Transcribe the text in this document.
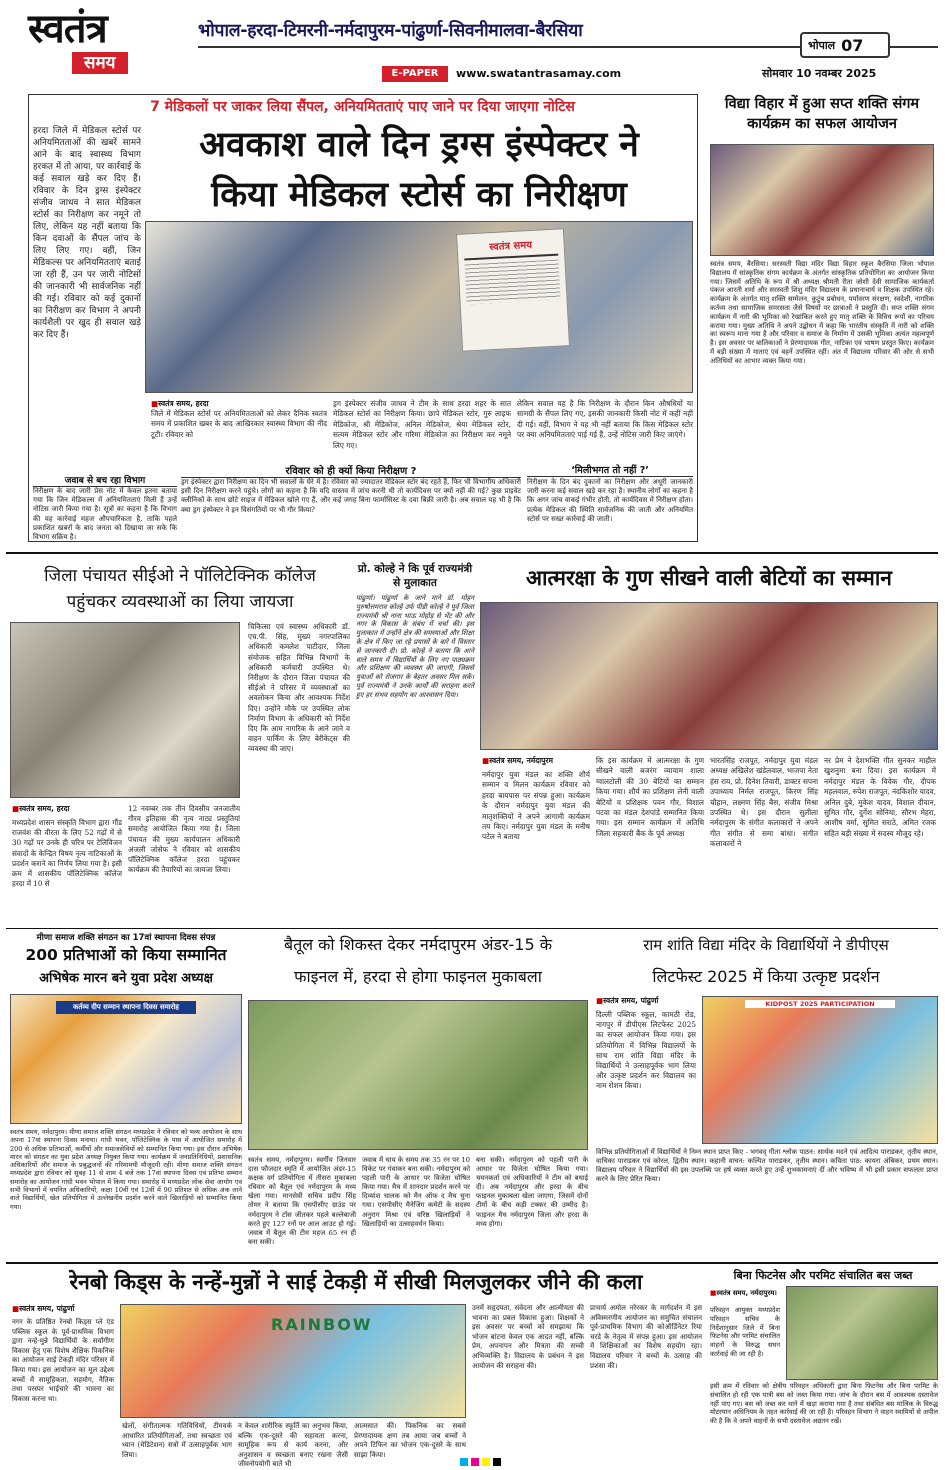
स्वतंत्र
समय
भोपाल-हरदा-टिमरनी-नर्मदापुरम-पांढुर्णा-सिवनीमालवा-बैरसिया
भोपाल 07
E-PAPER	www.swatantrasamay.com	सोमवार 10 नवम्बर 2025
7 मेडिकलों पर जाकर लिया सैंपल, अनियमितताएं पाए जाने पर दिया जाएगा नोटिस
हरदा जिले में मेडिकल स्टोर्स पर अनियमितताओं की खबरें सामने आने के बाद स्वास्थ्य विभाग हरकत में तो आया, पर कार्रवाई के कई सवाल खड़े कर दिए हैं। रविवार के दिन ड्रग्स इंस्पेक्टर संजीव जाधव ने सात मेडिकल स्टोर्स का निरीक्षण कर नमूने तो लिए, लेकिन यह नहीं बताया कि किन दवाओं के सैंपल जांच के लिए लिए गए। वहीं, जिन मेडिकल्स पर अनियमितताएं बताई जा रही हैं, उन पर जारी नोटिसों की जानकारी भी सार्वजनिक नहीं की गई। रविवार को कई दुकानों का निरीक्षण कर विभाग ने अपनी कार्यशैली पर खुद ही सवाल खड़े कर दिए हैं।
अवकाश वाले दिन ड्रग्स इंस्पेक्टर ने
किया मेडिकल स्टोर्स का निरीक्षण
स्वतंत्र समय
■ स्वतंत्र समय, हरदा
जिले में मेडिकल स्टोर्स पर अनियमितताओं को लेकर दैनिक स्वतंत्र समय में प्रकाशित खबर के बाद आखिरकार स्वास्थ्य विभाग की नींद टूटी। रविवार को
ड्रग इंस्पेक्टर संजीव जाधव ने टीम के साथ हरदा शहर के सात मेडिकल स्टोर्स का निरीक्षण किया। छापे मेडिकल स्टोर, गुरु लाइफ मेडिकोज, श्री मेडिकोज, अनिल मेडिकोज, श्रेया मेडिकल स्टोर, सत्यम मेडिकल स्टोर और गरिमा मेडिकोज का निरीक्षण कर नमूने लिए गए।
लेकिन सवाल यह है कि निरीक्षण के दौरान किन औषधियों या सामग्री के सैंपल लिए गए, इसकी जानकारी किसी नोट में कहीं नहीं दी गई। वहीं, विभाग ने यह भी नहीं बताया कि किस मेडिकल स्टोर पर क्या अनियमितताएं पाई गई हैं, उन्हें नोटिस जारी किए जाएंगे।
जवाब से बच रहा विभाग
निरीक्षण के बाद जारी प्रेस नोट में केवल इतना बताया गया कि जिन मेडिकल्स में अनियमितताएं मिली हैं उन्हें नोटिस जारी किया गया है। सूत्रों का कहना है कि विभाग की यह कार्रवाई महज औपचारिकता है, ताकि पहले प्रकाशित खबरों के बाद जनता को दिखाया जा सके कि विभाग सक्रिय है।
रविवार को ही क्यों किया निरीक्षण ?
ड्रग इंस्पेक्टर द्वारा निरीक्षण का दिन भी सवालों के घेरे में है। रविवार को ज्यादातर मेडिकल स्टोर बंद रहते हैं, फिर भी विभागीय अधिकारी इसी दिन निरीक्षण करने पहुंचे। लोगों का कहना है कि यदि वास्तव में जांच करनी थी तो कार्यदिवस पर क्यों नहीं की गई? कुछ प्राइवेट क्लीनिकों के साथ छोटे साइज में मेडिकल खोले गए हैं, और कई जगह बिना फार्मासिस्ट के दवा बिक्री जारी है। अब सवाल यह भी है कि क्या ड्रग इंस्पेक्टर ने इन विसंगतियों पर भी गौर किया?
‘मिलीभगत तो नहीं ?’
निरीक्षण के दिन बंद दुकानों का निरीक्षण और अधूरी जानकारी जारी करना कई सवाल खड़े कर रहा है। स्थानीय लोगों का कहना है कि अगर जांच वाकई गंभीर होती, तो कार्यदिवस में निरीक्षण होता। प्रत्येक मेडिकल की स्थिति सार्वजनिक की जाती और अनियमित स्टोर्स पर सख्त कार्रवाई की जाती।
विद्या विहार में हुआ सप्त शक्ति संगम कार्यक्रम का सफल आयोजन
स्वतंत्र समय, बैरसिया। सरस्वती विद्या मंदिर विद्या विहार स्कूल बैरसिया जिला भोपाल विद्यालय में सांस्कृतिक संगम कार्यक्रम के अंतर्गत सांस्कृतिक प्रतियोगिता का आयोजन किया गया। जिसमें अतिथि के रूप में श्री अध्यक्ष श्रीमती रीता जोशी देवी सामाजिक कार्यकर्ता पंकज आरती शर्मा और सरस्वती शिशु मंदिर विद्यालय के प्रधानाचार्य व शिक्षक उपस्थित रहे। कार्यक्रम के अंतर्गत मातृ शक्ति सम्मेलन, कुटुंब प्रबोधन, पर्यावरण संरक्षण, स्वदेशी, नागरिक कर्तव्य तथा सामाजिक समरसता जैसे विषयों पर छात्राओं ने प्रस्तुति दी। सप्त शक्ति संगम कार्यक्रम में नारी की भूमिका को रेखांकित करते हुए मातृ शक्ति के विविध रूपों का परिचय कराया गया। मुख्य अतिथि ने अपने उद्बोधन में कहा कि भारतीय संस्कृति में नारी को शक्ति का स्वरूप माना गया है और परिवार व समाज के निर्माण में उसकी भूमिका अत्यंत महत्वपूर्ण है। इस अवसर पर बालिकाओं ने प्रेरणादायक गीत, नाटिका एवं भाषण प्रस्तुत किए। कार्यक्रम में बड़ी संख्या में माताएं एवं बहनें उपस्थित रहीं। अंत में विद्यालय परिवार की ओर से सभी अतिथियों का आभार व्यक्त किया गया।
जिला पंचायत सीईओ ने पॉलिटेक्निक कॉलेज
पहुंचकर व्यवस्थाओं का लिया जायजा
चिकित्सा एवं स्वास्थ्य अधिकारी डॉ. एच.पी. सिंह, मुख्य नगरपालिका अधिकारी कमलेश पाटीदार, जिला संयोजक सहित विभिन्न विभागों के अधिकारी कर्मचारी उपस्थित थे। निरीक्षण के दौरान जिला पंचायत की सीईओ ने परिसर में व्यवस्थाओं का अवलोकन किया और आवश्यक निर्देश दिए। उन्होंने मौके पर उपस्थित लोक निर्माण विभाग के अधिकारी को निर्देश दिए कि आम नागरिक के आने जाने व वाहन पार्किंग के लिए बेरीकेट्स की व्यवस्था की जाए।
■ स्वतंत्र समय, हरदा	12 नवम्बर तक तीन दिवसीय जनजातीय गौरव इतिहास की नृत्य नाट्य प्रस्तुतियां समारोह आयोजित किया गया है। जिला पंचायत की मुख्य कार्यपालन अधिकारी अंजली जोसेफ ने रविवार को शासकीय पॉलिटेक्निक कॉलेज हरदा पहुंचकर कार्यक्रम की तैयारियों का जायजा लिया।
मध्यप्रदेश शासन संस्कृति विभाग द्वारा गौंड राजवंश की वीरता के लिए 52 गढ़ों में से 30 गढ़ों पर उनके ही चरित्र पर टेलिविजन संवादों के केन्द्रित विषय नृत्य नाटिकाओं के प्रदर्शन कराने का निर्णय लिया गया है। इसी क्रम में शासकीय पॉलिटेक्निक कॉलेज हरदा में 10 से
प्रो. कोल्हे ने कि पूर्व राज्यमंत्री से मुलाकात
पांढुर्णा। पांढुर्णा के जाने माने डॉ. मोहन पुरुषोत्तमराव कोल्हे उर्फ पीडी कोल्हे ने पूर्व जिला राज्यमंत्री श्री नाना भाऊ मोहोड़ से भेंट की और नगर के विकास के संबंध में चर्चा की। इस मुलाकात में उन्होंने क्षेत्र की समस्याओं और शिक्षा के क्षेत्र में किए जा रहे प्रयासों के बारे में विस्तार से जानकारी दी। प्रो. कोल्हे ने बताया कि आने वाले समय में विद्यार्थियों के लिए नए पाठ्यक्रम और प्रशिक्षण की व्यवस्था की जाएगी, जिससे युवाओं को रोजगार के बेहतर अवसर मिल सकें। पूर्व राज्यमंत्री ने उनके कार्यों की सराहना करते हुए हर संभव सहयोग का आश्वासन दिया।
आत्मरक्षा के गुण सीखने वाली बेटियों का सम्मान
■ स्वतंत्र समय, नर्मदापुरम
नर्मदापुर युवा मंडल का शक्ति शौर्य सम्मान व मिलन कार्यक्रम रविवार को हरदा बायपास पर संपन्न हुआ। कार्यक्रम के दौरान नर्मदापुर युवा मंडल की मातृशक्तियों ने अपने आगामी कार्यक्रम तय किए। नर्मदापुर युवा मंडल के मनीष पटेल ने बताया
कि इस कार्यक्रम में आत्मरक्षा के गुण सीखने वाली बजरंग व्यायाम शाला ग्वालटोली की 30 बेटियों का सम्मान किया गया। शौर्य का प्रशिक्षण लेनी वाली बेटियों व प्रशिक्षक पवन गौर, विशाल पटवा का मंडल देशपांडे सम्मानित किया गया। इस सम्मान कार्यक्रम में अतिथि जिला सहकारी बैंक के पूर्व अध्यक्ष
भारतसिंह राजपूत, नर्मदापुर युवा मंडल अध्यक्ष अखिलेश खंडेलवाल, भाजपा नेता हंस राय, प्रो. दिनेश तिवारी, डाक्टर सपना उपाध्याय निर्मल राजपूत, किरण सिंह चौहान, लक्ष्मण सिंह बैस, संजीव मिश्रा उपस्थित थे। इस दौरान सुलीला नर्मदापुरम के संगीत कलाकारों ने अपने गीत संगीत से समा बांधा। संगीत कलाकारों ने
नर प्रेम ने देशभक्ति गीत सुनकर माहौल खुशनुमा बना दिया। इस कार्यक्रम में नर्मदापुर मंडल के विवेक गौर, दीपक महलवाल, रुपेश राजपूत, नंदकिशोर यादव, अनिल दुबे, मुकेश यादव, विशाल दीवान, सुमित गौर, दुर्गेश सोनिया, सौरभ मेहरा, आशीष वर्मा, सुमित सराठे, अमित रजक सहित बड़ी संख्या में सदस्य मौजूद रहे।
मीणा समाज शक्ति संगठन का 17वां स्थापना दिवस संपन्न
200 प्रतिभाओं को किया सम्मानित
अभिषेक मारन बने युवा प्रदेश अध्यक्ष
कर्तव्य दीप सम्मान स्थापना दिवस समारोह
स्वतंत्र समय, नर्मदापुरम। मीणा समाज शक्ति संगठन मध्यप्रदेश ने रविवार को भव्य आयोजन के साथ अपना 17वां स्थापना दिवस मनाया। गांधी भवन, पॉलिटेक्निक के पास में आयोजित समारोह में 200 से अधिक प्रतिभाओं, कर्मीयों और समाजसेवियों को सम्मानित किया गया। इस दौरान अभिषेक मारन को संगठन का युवा प्रदेश अध्यक्ष नियुक्त किया गया। कार्यक्रम में जनप्रतिनिधियों, प्रशासनिक अधिकारियों और समाज के प्रबुद्धजनों की गरिमामयी मौजूदगी रही। मीणा समाज शक्ति संगठन मध्यप्रदेश द्वारा रविवार को सुबह 11 से शाम 4 बजे तक 17वां स्थापना दिवस एवं प्रतिभा सम्मान समारोह का आयोजन गांधी भवन भोपाल में किया गया। समारोह में मध्यप्रदेश लोक सेवा आयोग एवं सभी विभागों में चयनित अधिकारियों, कक्षा 10वीं एवं 12वीं में 90 प्रतिशत से अधिक अंक लाने वाले विद्यार्थियों, खेल प्रतियोगिता में उल्लेखनीय प्रदर्शन करने वाले खिलाड़ियों को सम्मानित किया गया।
बैतूल को शिकस्त देकर नर्मदापुरम अंडर-15 के
फाइनल में, हरदा से होगा फाइनल मुकाबला
स्वतंत्र समय, नर्मदापुरम। स्वर्गीय जिनवार दास फौजदार स्मृति में आयोजित अंडर-15 कक्षक वर्ग प्रतियोगिता में तीसरा मुकाबला रविवार को बैतूल एवं नर्मदापुरम के मध्य खेला गया। मानसेवी सचिव प्रदीप सिंह तोमर ने बताया कि एसपीसीए ग्राउंड पर नर्मदापुरम ने टॉस जीतकर पहले बल्लेबाजी करते हुए 127 रनों पर आल आउट हो गई। जवाब में बैतूल की टीम महज 65 रन ही बना सकी।
जवाब में चाय के समय तक 35 रन पर 10 विकेट पर गंवाकर बना सकी। नर्मदापुरम को पहली पारी के आधार पर विजेता घोषित किया गया। मैच में शानदार प्रदर्शन करने पर दिव्यांश चालक को मैन ऑफ द मैच चुना गया। एसपीसीए मैनेजिंग कमेटी के सदस्य अनुराग मिश्रा एवं वरिष्ठ खिलाड़ियों ने खिलाड़ियों का उत्साहवर्धन किया।
बना सकी। नर्मदापुरम को पहली पारी के आधार पर विजेता घोषित किया गया। चयनकर्ता एवं अधिकारियों ने टीम को बधाई दी। अब नर्मदापुरम और हरदा के बीच फाइनल मुकाबला खेला जाएगा, जिसमें दोनों टीमों के बीच कड़ी टक्कर की उम्मीद है। फाइनल मैच नर्मदापुरम जिला और हरदा के मध्य होगा।
राम शांति विद्या मंदिर के विद्यार्थियों ने डीपीएस
लिटफेस्ट 2025 में किया उत्कृष्ट प्रदर्शन
■ स्वतंत्र समय, पांढुर्णा
दिल्ली पब्लिक स्कूल, कामठी रोड, नागपुर में डीपीएस लिटफेस्ट 2025 का सफल आयोजन किया गया। इस प्रतियोगिता में विभिन्न विद्यालयों के साथ राम शांति विद्या मंदिर के विद्यार्थियों ने उत्साहपूर्वक भाग लिया और उत्कृष्ट प्रदर्शन कर विद्यालय का नाम रोशन किया।
KIDPOST 2025 PARTICIPATION
विभिन्न प्रतियोगिताओं में विद्यार्थियों ने निम्न स्थान प्राप्त किए - भगवद् गीता श्लोक पाठन: सार्थक मदने एवं आदित्य पाराडकर, तृतीय स्थान, वाचिका पाराडकर एवं कोरल, द्वितीय स्थान। कहानी वाचन: कल्पित पाराडकर, तृतीय स्थान। कविता पाठ: कायरा अंबिकर, प्रथम स्थान। विद्यालय परिवार ने विद्यार्थियों की इस उपलब्धि पर हर्ष व्यक्त करते हुए उन्हें शुभकामनाएं दीं और भविष्य में भी इसी प्रकार सफलता प्राप्त करने के लिए प्रेरित किया।
रेनबो किड्स के नन्हें-मुन्नों ने साई टेकड़ी में सीखी मिलजुलकर जीने की कला
■ स्वतंत्र समय, पांढुर्णा
RAINBOW
नगर के प्रतिष्ठित रेनबो किड्स प्ले एंड पब्लिक स्कूल के पूर्व-प्राथमिक विभाग द्वारा नन्हे-मुन्ने विद्यार्थियों के सर्वांगीण विकास हेतु एक विशेष शैक्षिक पिकनिक का आयोजन साई टेकड़ी मंदिर परिसर में किया गया। इस आयोजन का मूल उद्देश्य बच्चों में सामूहिकता, सहयोग, नैतिक तथा परस्पर भाईचारे की भावना का विकास करना था।
खेलों, संगीतात्मक गतिविधियों, टीमवर्क आधारित प्रतियोगिताओं, तथा स्वच्छता एवं ध्यान (मेडिटेशन) सत्रों में उत्साहपूर्वक भाग लिया।
न केवल शारीरिक स्फूर्ति का अनुभव किया, बल्कि एक-दूसरे की सहायता करना, सामूहिक रूप से कार्य करना, और अनुशासन व स्वच्छता बनाए रखना जैसी जीवनोपयोगी बातें भी
आत्मसात कीं। पिकनिक का सबसे प्रेरणादायक क्षण तब आया जब बच्चों ने अपने टिफिन का भोजन एक-दूसरे के साथ साझा किया।
उनमें सहृदयता, संवेदना और आत्मीयता की भावना का प्रबल विकास हुआ। शिक्षकों ने इस अवसर पर बच्चों को समझाया कि भोजन बांटना केवल एक आदत नहीं, बल्कि प्रेम, अपनापन और मित्रता की सच्ची अभिव्यक्ति है। विद्यालय के प्रबंधन ने इस आयोजन की सराहना की।
प्राचार्य अमोल नरेरकर के मार्गदर्शन में इस अविस्मरणीय आयोजन का समुचित संचालन पूर्व-प्राथमिक विभाग की कोऑर्डिनेटर रिया चरडे के नेतृत्व में संपन्न हुआ। इस आयोजन में शिक्षिकाओं का विशेष सहयोग रहा। विद्यालय परिवार ने बच्चों के उत्साह की प्रशंसा की।
बिना फिटनेस और परमिट संचालित बस जब्त
■ स्वतंत्र समय, नर्मदापुरम।
परिवहन आयुक्त मध्यप्रदेश परिवहन सचिव के निर्देशानुसार जिले में बिना फिटनेस और परमिट संचालित वाहनों के विरुद्ध सघन कार्रवाई की जा रही है।
इसी क्रम में रविवार को क्षेत्रीय परिवहन अधिकारी द्वारा बिना फिटनेस और बिना परमिट के संचालित हो रही एक यात्री बस को जब्त किया गया। जांच के दौरान बस में आवश्यक दस्तावेज नहीं पाए गए। बस को जब्त कर थाने में खड़ा कराया गया है तथा संबंधित बस मालिक के विरुद्ध मोटरयान अधिनियम के तहत कार्रवाई की जा रही है। परिवहन विभाग ने वाहन स्वामियों से अपील की है कि वे अपने वाहनों के सभी दस्तावेज अद्यतन रखें।
